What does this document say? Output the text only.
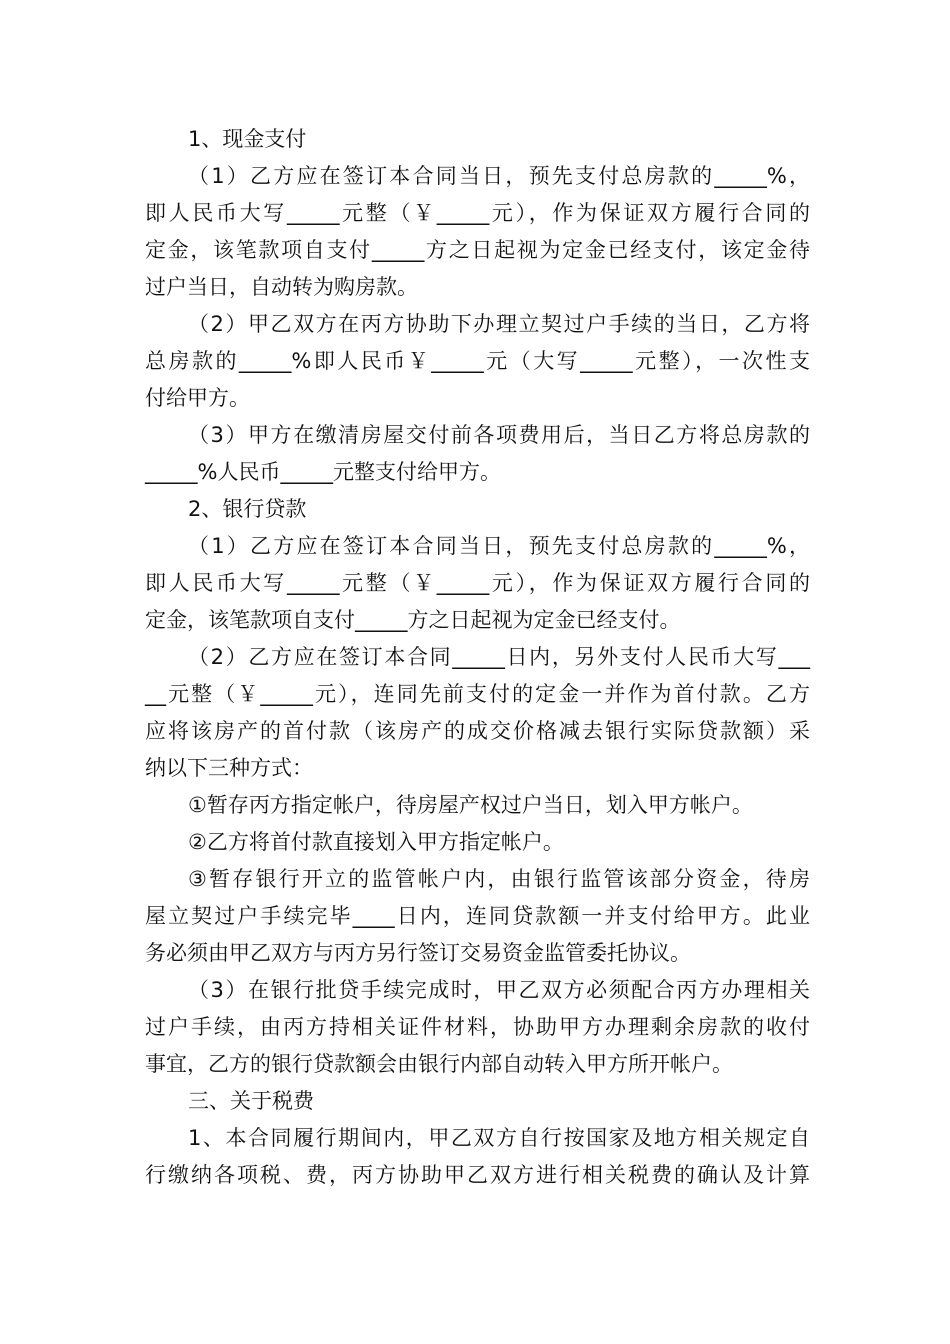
1、现金支付
（1）乙方应在签订本合同当日，预先支付总房款的_____%，
即人民币大写_____元整（￥_____元），作为保证双方履行合同的
定金，该笔款项自支付_____方之日起视为定金已经支付，该定金待
过户当日，自动转为购房款。
（2）甲乙双方在丙方协助下办理立契过户手续的当日，乙方将
总房款的_____%即人民币￥_____元（大写_____元整），一次性支
付给甲方。
（3）甲方在缴清房屋交付前各项费用后，当日乙方将总房款的
_____%人民币_____元整支付给甲方。
2、银行贷款
（1）乙方应在签订本合同当日，预先支付总房款的_____%，
即人民币大写_____元整（￥_____元），作为保证双方履行合同的
定金，该笔款项自支付_____方之日起视为定金已经支付。
（2）乙方应在签订本合同_____日内，另外支付人民币大写___
__元整（￥_____元），连同先前支付的定金一并作为首付款。乙方
应将该房产的首付款（该房产的成交价格减去银行实际贷款额）采
纳以下三种方式：
①暂存丙方指定帐户，待房屋产权过户当日，划入甲方帐户。
②乙方将首付款直接划入甲方指定帐户。
③暂存银行开立的监管帐户内，由银行监管该部分资金，待房
屋立契过户手续完毕____日内，连同贷款额一并支付给甲方。此业
务必须由甲乙双方与丙方另行签订交易资金监管委托协议。
（3）在银行批贷手续完成时，甲乙双方必须配合丙方办理相关
过户手续，由丙方持相关证件材料，协助甲方办理剩余房款的收付
事宜，乙方的银行贷款额会由银行内部自动转入甲方所开帐户。
三、关于税费
1、本合同履行期间内，甲乙双方自行按国家及地方相关规定自
行缴纳各项税、费，丙方协助甲乙双方进行相关税费的确认及计算
